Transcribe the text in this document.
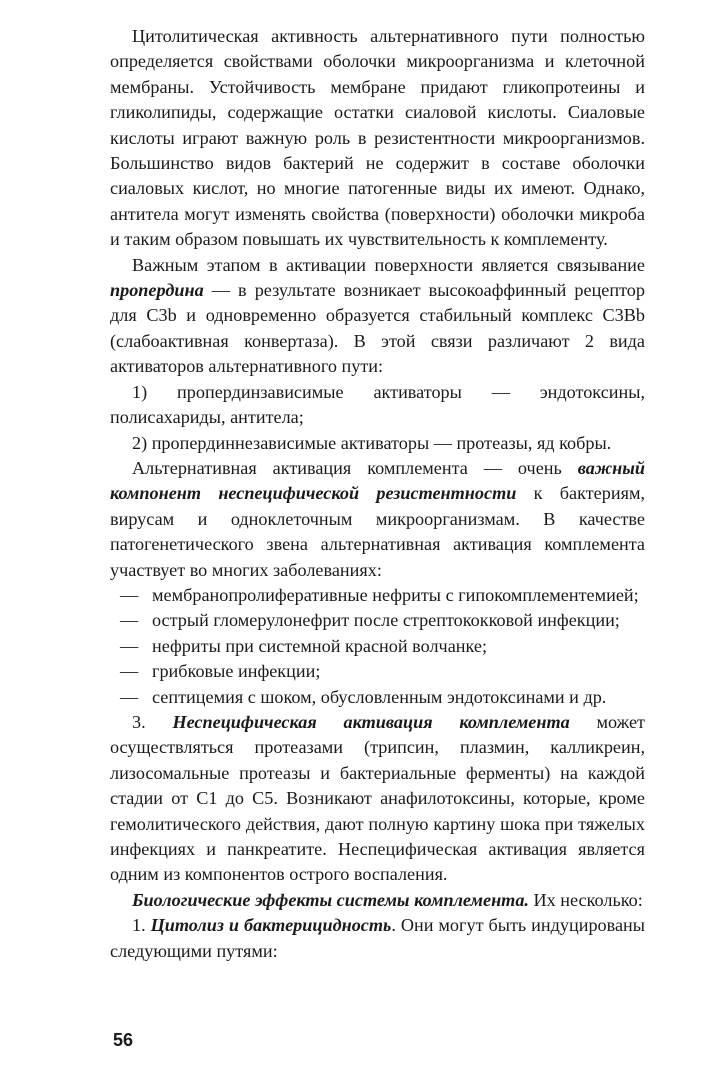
Цитолитическая активность альтернативного пути полностью определяется свойствами оболочки микроорганизма и клеточной мембраны. Устойчивость мембране придают гликопротеины и гликолипиды, содержащие остатки сиаловой кислоты. Сиаловые кислоты играют важную роль в резистентности микроорганизмов. Большинство видов бактерий не содержит в составе оболочки сиаловых кислот, но многие патогенные виды их имеют. Однако, антитела могут изменять свойства (поверхности) оболочки микроба и таким образом повышать их чувствительность к комплементу.

Важным этапом в активации поверхности является связывание пропердина — в результате возникает высокоаффинный рецептор для С3b и одновременно образуется стабильный комплекс С3Вb (слабоактивная конвертаза). В этой связи различают 2 вида активаторов альтернативного пути:

1) пропердинзависимые активаторы — эндотоксины, полисахариды, антитела;

2) пропердиннезависимые активаторы — протеазы, яд кобры.

Альтернативная активация комплемента — очень важный компонент неспецифической резистентности к бактериям, вирусам и одноклеточным микроорганизмам. В качестве патогенетического звена альтернативная активация комплемента участвует во многих заболеваниях:

— мембранопролиферативные нефриты с гипокомплементемией;
— острый гломерулонефрит после стрептококковой инфекции;
— нефриты при системной красной волчанке;
— грибковые инфекции;
— септицемия с шоком, обусловленным эндотоксинами и др.

3. Неспецифическая активация комплемента может осуществляться протеазами (трипсин, плазмин, калликреин, лизосомальные протеазы и бактериальные ферменты) на каждой стадии от С1 до С5. Возникают анафилотоксины, которые, кроме гемолитического действия, дают полную картину шока при тяжелых инфекциях и панкреатите. Неспецифическая активация является одним из компонентов острого воспаления.

Биологические эффекты системы комплемента. Их несколько:

1. Цитолиз и бактерицидность. Они могут быть индуцированы следующими путями:

56
